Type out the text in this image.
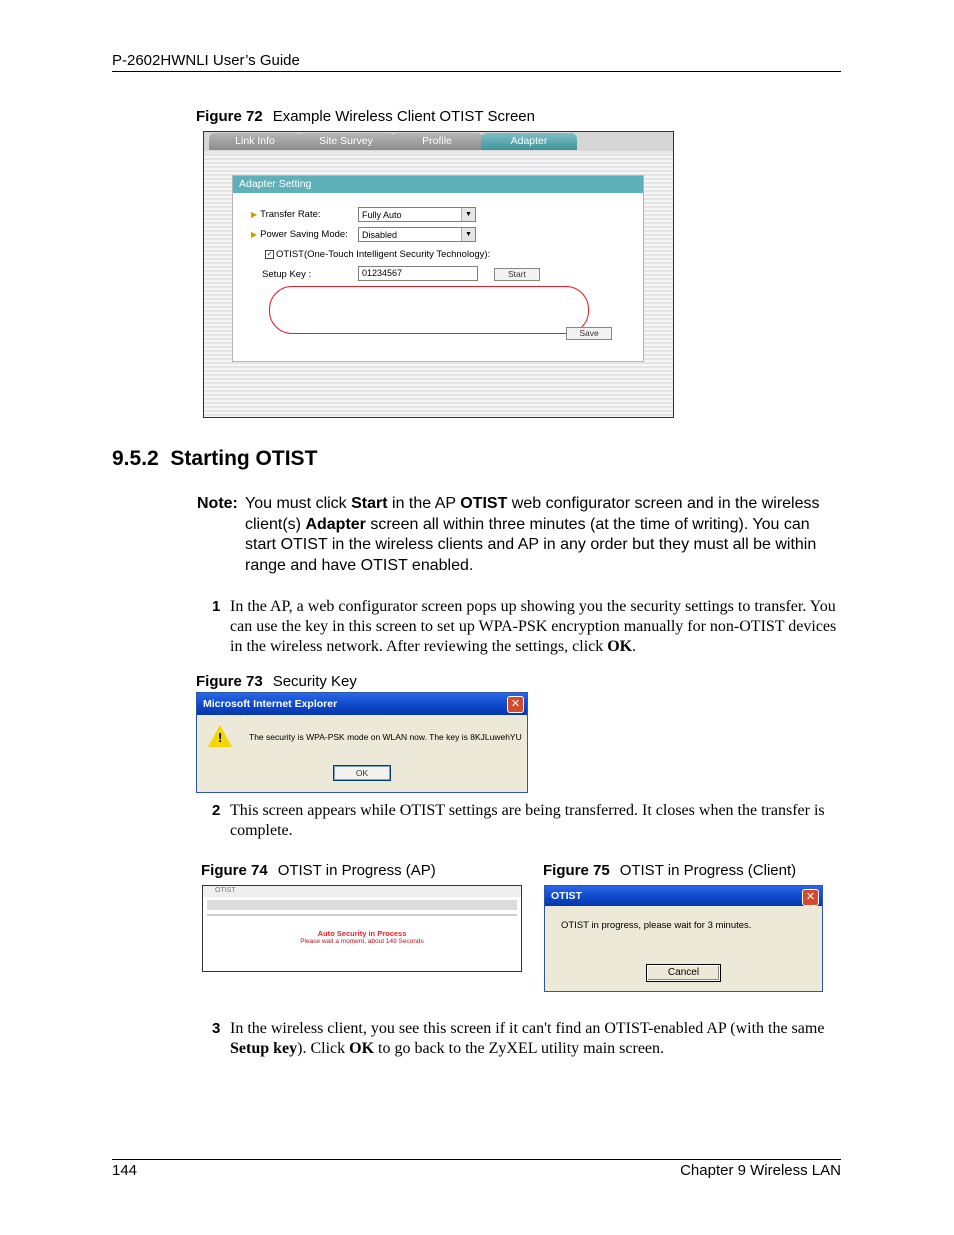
P-2602HWNLI User’s Guide
Figure 72 Example Wireless Client OTIST Screen
Link Info	Site Survey	Profile	Adapter
Adapter Setting
▶ Transfer Rate:	Fully Auto	▼
▶ Power Saving Mode:	Disabled	▼
✓ OTIST(One-Touch Intelligent Security Technology):
Setup Key :	01234567	Start
Save
9.5.2 Starting OTIST
Note: You must click Start in the AP OTIST web configurator screen and in the wireless client(s) Adapter screen all within three minutes (at the time of writing). You can start OTIST in the wireless clients and AP in any order but they must all be within range and have OTIST enabled.
1 In the AP, a web configurator screen pops up showing you the security settings to transfer. You can use the key in this screen to set up WPA-PSK encryption manually for non-OTIST devices in the wireless network. After reviewing the settings, click OK.
Figure 73 Security Key
Microsoft Internet Explorer	✕
!	The security is WPA-PSK mode on WLAN now. The key is 8KJLuwehYU
OK
2 This screen appears while OTIST settings are being transferred. It closes when the transfer is complete.
Figure 74 OTIST in Progress (AP)	Figure 75 OTIST in Progress (Client)
OTIST
Auto Security in Process
Please wait a moment, about 149 Seconds
OTIST	✕
OTIST in progress, please wait for 3 minutes.
Cancel
3 In the wireless client, you see this screen if it can't find an OTIST-enabled AP (with the same Setup key). Click OK to go back to the ZyXEL utility main screen.
144	Chapter 9 Wireless LAN
